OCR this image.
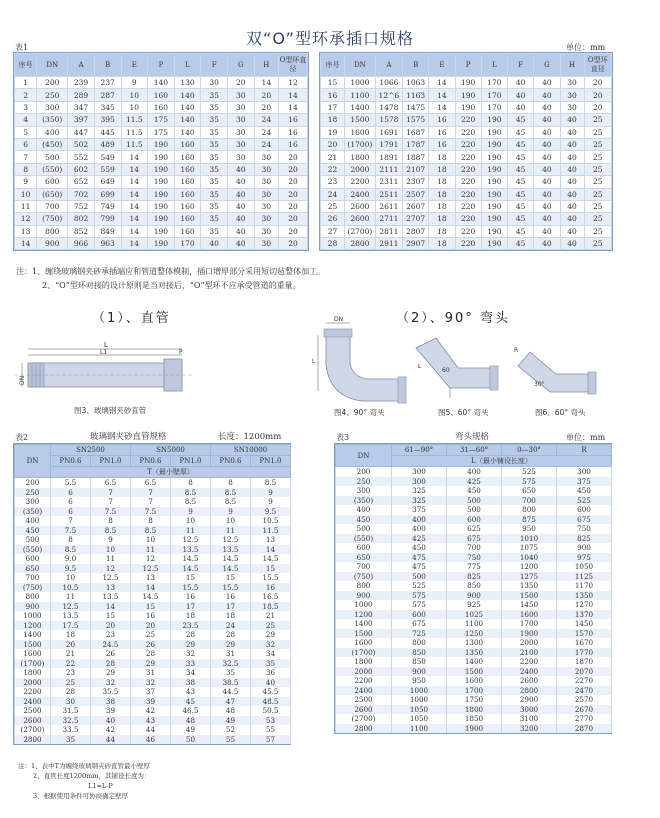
双“O”型环承插口规格
表1	单位：mm
序号	DN	A	B	E	P	L	F	G	H	O型环直径
1	200	239	237	9	140	130	30	20	14	12
2	250	289	287	10	160	140	35	30	20	14
3	300	347	345	10	160	140	35	30	20	14
4	(350)	397	395	11.5	175	140	35	30	24	16
5	400	447	445	11.5	175	140	35	30	24	16
6	(450)	502	489	11.5	190	160	35	30	24	16
7	500	552	549	14	190	160	35	30	30	20
8	(550)	602	559	14	190	160	35	40	30	20
9	600	652	649	14	190	160	35	40	30	20
10	(650)	702	699	14	190	160	35	40	30	20
11	700	752	749	14	190	160	35	40	30	20
12	(750)	802	799	14	190	160	35	40	30	20
13	800	852	849	14	190	160	35	40	30	20
14	900	966	963	14	190	170	40	40	30	20
序号	DN	A	B	E	P	L	F	G	H	O型环直径
15	1000	1066	1063	14	190	170	40	40	30	20
16	1100	12^6	1163	14	190	170	40	40	30	20
17	1400	1478	1475	14	190	170	40	40	30	20
18	1500	1578	1575	16	220	190	45	40	40	25
19	1600	1691	1687	16	220	190	45	40	40	25
20	(1700)	1791	1787	16	220	190	45	40	40	25
21	1800	1891	1887	18	220	190	45	40	40	25
22	2000	2111	2107	18	220	190	45	40	40	25
23	2200	2311	2307	18	220	190	45	40	40	25
24	2400	2511	2507	18	220	190	45	40	40	25
25	2600	2611	2607	18	220	190	45	40	40	25
26	2600	2711	2707	18	220	190	45	40	40	25
27	(2700)	2811	2807	18	220	190	45	40	40	25
28	2800	2911	2907	18	220	190	45	40	40	25
注：1、缠绕玻璃钢夹砂承插端应和管道整体模制，插口增厚部分采用短切毡整体加工。
2、“O”型环对接的设计原则是当对接后，“O”型环不应承受管道的重量。
（1）、直管	（2）、90° 弯头
L
L1	P
DN
图3、玻璃钢夹砂直管
DN
L
图4、90° 弯头
60
L
图5、60° 弯头
30°
R
图6、60° 弯头
表2	玻璃钢夹砂直管规格	长度：1200mm
DN	SN2500		SN5000		SN10000	
	PN0.6	PN1.0	PN0.6	PN1.0	PN0.6	PN1.0
	T（最小壁厚）					
200	5.5	6.5	6.5	8	8	8.5
250	6	7	7	8.5	8.5	9
300	6	7	7	8.5	8.5	9
(350)	6	7.5	7.5	9	9	9.5
400	7	8	8	10	10	10.5
450	7.5	8.5	8.5	11	11	11.5
500	8	9	10	12.5	12.5	13
(550)	8.5	10	11	13.5	13.5	14
600	9.0	11	12	14.5	14.5	14.5
650	9.5	12	12.5	14.5	14.5	15
700	10	12.5	13	15	15	15.5
(750)	10.5	13	14	15.5	15.5	16
800	11	13.5	14.5	16	16	16.5
900	12.5	14	15	17	17	18.5
1000	13.5	15	16	18	18	21
1200	17.5	20	20	23.5	24	25
1400	18	23	25	28	28	29
1500	20	24.5	26	29	29	32
1600	21	26	28	32	31	34
(1700)	22	28	29	33	32.5	35
1800	23	29	31	34	35	36
2000	25	32	32	38	38.5	40
2200	28	35.5	37	43	44.5	45.5
2400	30	38	39	45	47	48.5
2500	31.5	39	42	46.5	48	50.5
2600	32.5	40	43	48	49	53
(2700)	33.5	42	44	49	52	55
2800	35	44	46	50	55	57
注：1、表中T为缠绕玻璃钢夹砂直管最小壁厚
2、直管长度1200mm，其铺设长度为：
L1=L-P
3、根据使用条件可协商确定壁厚
表3	弯头规格	单位：mm
DN	61—90°	31—60°	0—30°	R
	L（最小铺设长度）			
200	300	400	525	300
250	300	425	575	375
300	325	450	650	450
(350)	325	500	700	525
400	375	500	800	600
450	400	600	875	675
500	400	625	950	750
(550)	425	675	1010	825
600	450	700	1075	900
650	475	750	1040	975
700	475	775	1200	1050
(750)	500	825	1275	1125
800	525	850	1350	1170
900	575	900	1500	1350
1000	575	925	1450	1270
1200	600	1025	1600	1370
1400	675	1100	1700	1450
1500	725	1250	1900	1570
1600	800	1300	2000	1670
(1700)	850	1350	2100	1770
1800	850	1400	2200	1870
2000	900	1500	2400	2070
2200	950	1600	2600	2270
2400	1000	1700	2800	2470
2500	1000	1750	2900	2570
2600	1050	1800	3000	2670
(2700)	1050	1850	3100	2770
2800	1100	1900	3200	2870
